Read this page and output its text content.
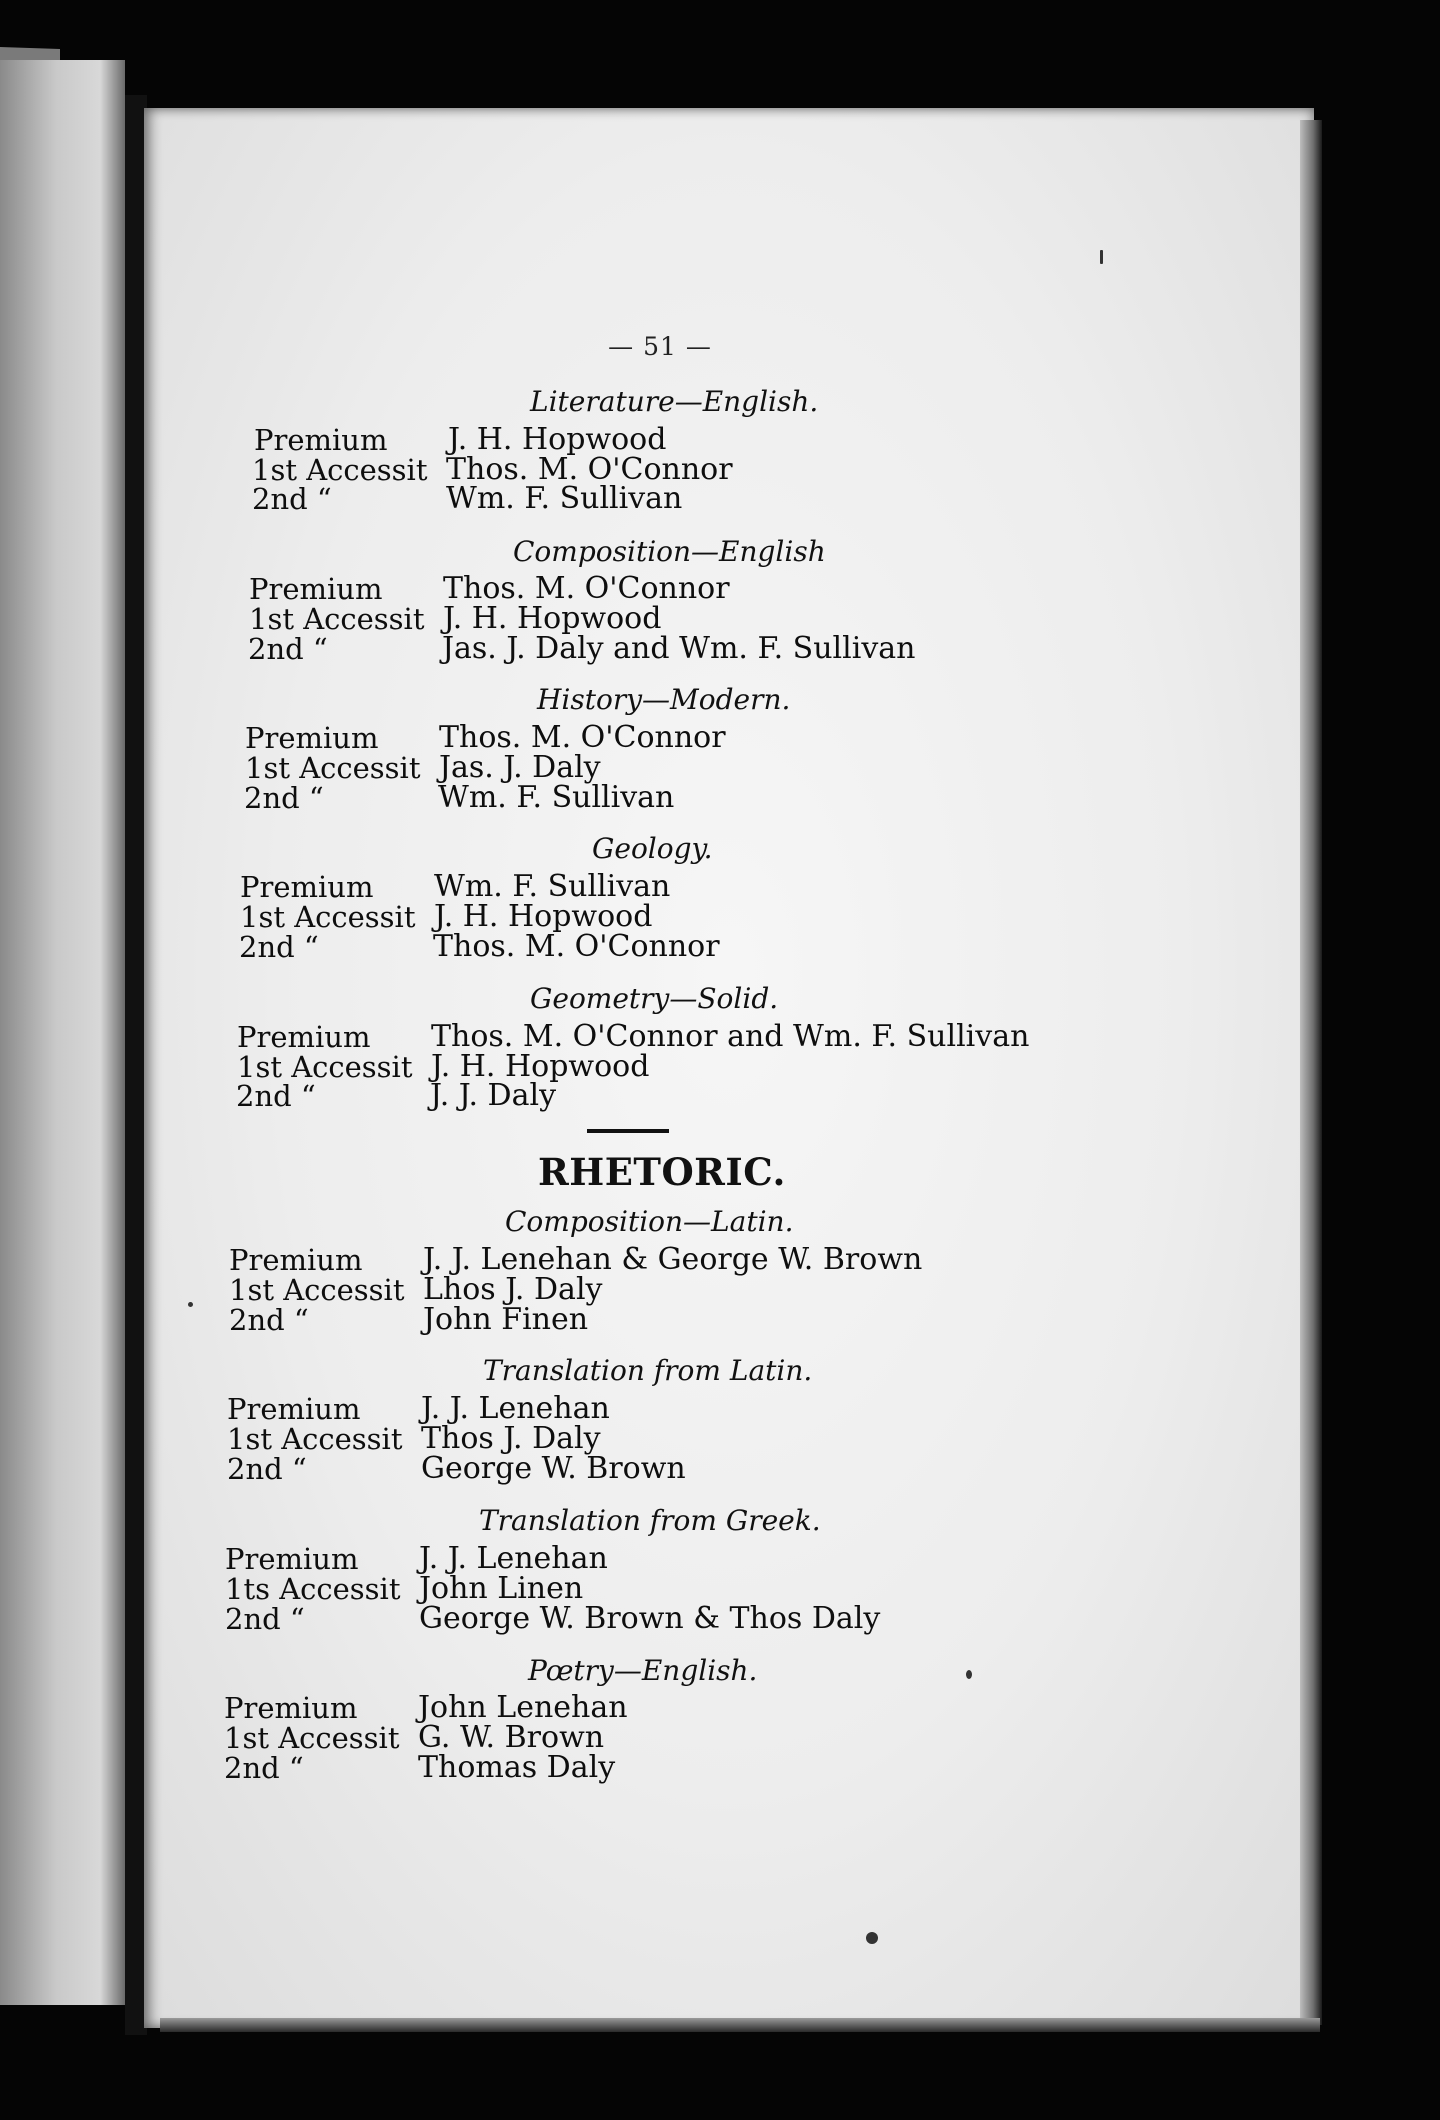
— 51 —
Literature—English.
Premium	J. H. Hopwood
1st Accessit Thos. M. O'Connor
2nd “	Wm. F. Sullivan
Composition—English
Premium	Thos. M. O'Connor
1st Accessit J. H. Hopwood
2nd “	Jas. J. Daly and Wm. F. Sullivan
History—Modern.
Premium	Thos. M. O'Connor
1st Accessit Jas. J. Daly
2nd “	Wm. F. Sullivan
Geology.
Premium	Wm. F. Sullivan
1st Accessit J. H. Hopwood
2nd “	Thos. M. O'Connor
Geometry—Solid.
Premium	Thos. M. O'Connor and Wm. F. Sullivan
1st Accessit J. H. Hopwood
2nd “	J. J. Daly
RHETORIC.
Composition—Latin.
Premium	J. J. Lenehan & George W. Brown
1st Accessit Lhos J. Daly
2nd “	John Finen
Translation from Latin.
Premium	J. J. Lenehan
1st Accessit Thos J. Daly
2nd “	George W. Brown
Translation from Greek.
Premium	J. J. Lenehan
1ts Accessit John Linen
2nd “	George W. Brown & Thos Daly
Pœtry—English.
Premium	John Lenehan
1st Accessit G. W. Brown
2nd “	Thomas Daly
